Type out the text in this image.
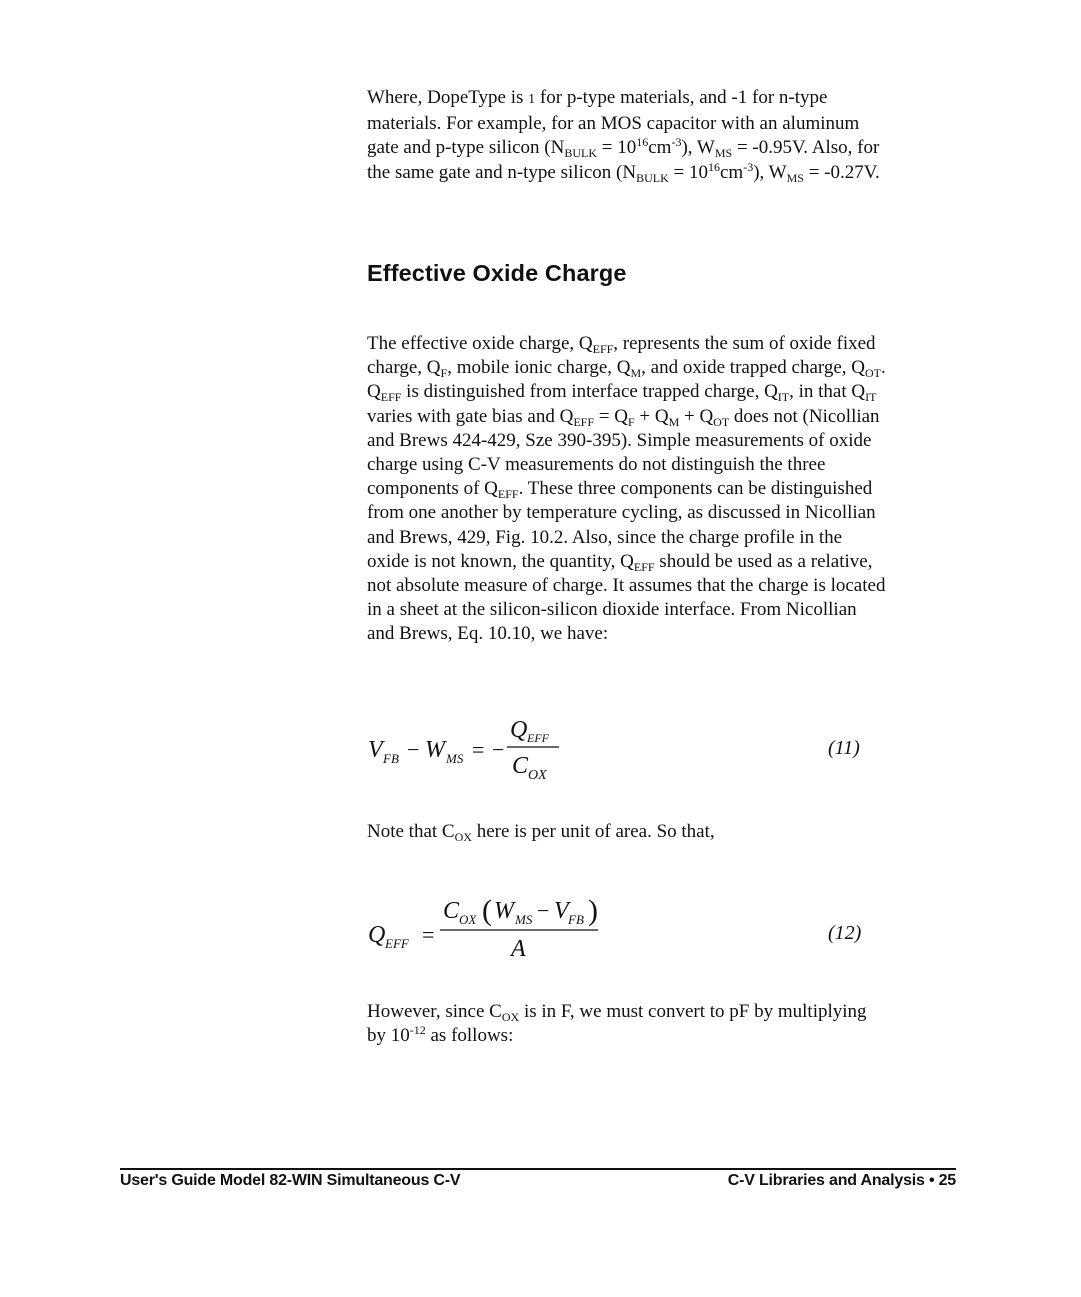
Where, DopeType is 1 for p-type materials, and -1 for n-type materials. For example, for an MOS capacitor with an aluminum gate and p-type silicon $(N_{BULK} = 10^{16}cm^{-3})$, $W_{MS} = -0.95V$. Also, for the same gate and n-type silicon $(N_{BULK} = 10^{16}cm^{-3})$, $W_{MS} = -0.27V$.

Effective Oxide Charge

The effective oxide charge, $Q_{EFF}$, represents the sum of oxide fixed charge, $Q_F$, mobile ionic charge, $Q_M$, and oxide trapped charge, $Q_{OT}$. $Q_{EFF}$ is distinguished from interface trapped charge, $Q_{IT}$, in that $Q_{IT}$ varies with gate bias and $Q_{EFF} = Q_F + Q_M + Q_{OT}$ does not (Nicollian and Brews 424-429, Sze 390-395). Simple measurements of oxide charge using C-V measurements do not distinguish the three components of $Q_{EFF}$. These three components can be distinguished from one another by temperature cycling, as discussed in Nicollian and Brews, 429, Fig. 10.2. Also, since the charge profile in the oxide is not known, the quantity, $Q_{EFF}$ should be used as a relative, not absolute measure of charge. It assumes that the charge is located in a sheet at the silicon-silicon dioxide interface. From Nicollian and Brews, Eq. 10.10, we have:

V FB − W MS = −
Q EFF
C OX
(11)

Note that $C_{OX}$ here is per unit of area. So that,

Q EFF =
C OX ( W MS − V FB )
A
(12)

However, since $C_{OX}$ is in F, we must convert to pF by multiplying by $10^{-12}$ as follows:

User's Guide Model 82-WIN Simultaneous C-V	C-V Libraries and Analysis • 25
